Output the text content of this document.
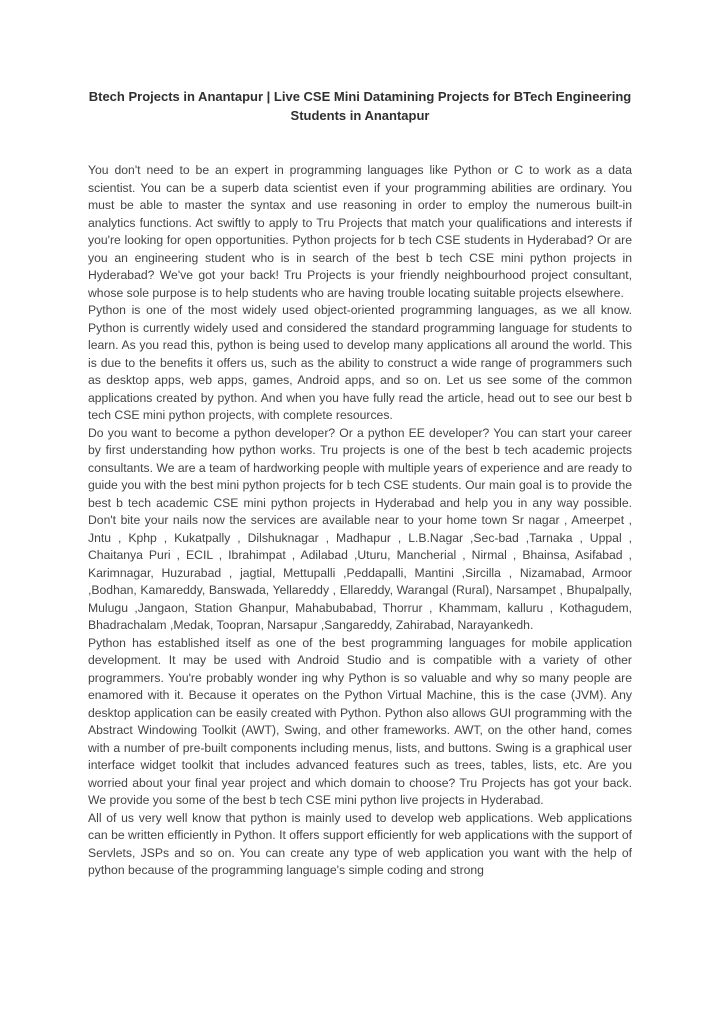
Btech Projects in Anantapur | Live CSE Mini Datamining Projects for BTech Engineering Students in Anantapur

You don't need to be an expert in programming languages like Python or C to work as a data scientist. You can be a superb data scientist even if your programming abilities are ordinary. You must be able to master the syntax and use reasoning in order to employ the numerous built-in analytics functions. Act swiftly to apply to Tru Projects that match your qualifications and interests if you're looking for open opportunities. Python projects for b tech CSE students in Hyderabad? Or are you an engineering student who is in search of the best b tech CSE mini python projects in Hyderabad? We've got your back! Tru Projects is your friendly neighbourhood project consultant, whose sole purpose is to help students who are having trouble locating suitable projects elsewhere.

Python is one of the most widely used object-oriented programming languages, as we all know. Python is currently widely used and considered the standard programming language for students to learn. As you read this, python is being used to develop many applications all around the world. This is due to the benefits it offers us, such as the ability to construct a wide range of programmers such as desktop apps, web apps, games, Android apps, and so on. Let us see some of the common applications created by python. And when you have fully read the article, head out to see our best b tech CSE mini python projects, with complete resources.

Do you want to become a python developer? Or a python EE developer? You can start your career by first understanding how python works. Tru projects is one of the best b tech academic projects consultants. We are a team of hardworking people with multiple years of experience and are ready to guide you with the best mini python projects for b tech CSE students. Our main goal is to provide the best b tech academic CSE mini python projects in Hyderabad and help you in any way possible. Don't bite your nails now the services are available near to your home town Sr nagar , Ameerpet , Jntu , Kphp , Kukatpally , Dilshuknagar , Madhapur , L.B.Nagar ,Sec-bad ,Tarnaka , Uppal , Chaitanya Puri , ECIL , Ibrahimpat , Adilabad ,Uturu, Mancherial , Nirmal , Bhainsa, Asifabad , Karimnagar, Huzurabad , jagtial, Mettupalli ,Peddapalli, Mantini ,Sircilla , Nizamabad, Armoor ,Bodhan, Kamareddy, Banswada, Yellareddy , Ellareddy, Warangal (Rural), Narsampet , Bhupalpally, Mulugu ,Jangaon, Station Ghanpur, Mahabubabad, Thorrur , Khammam, kalluru , Kothagudem, Bhadrachalam ,Medak, Toopran, Narsapur ,Sangareddy, Zahirabad, Narayankedh.

Python has established itself as one of the best programming languages for mobile application development. It may be used with Android Studio and is compatible with a variety of other programmers. You're probably wonder ing why Python is so valuable and why so many people are enamored with it. Because it operates on the Python Virtual Machine, this is the case (JVM). Any desktop application can be easily created with Python. Python also allows GUI programming with the Abstract Windowing Toolkit (AWT), Swing, and other frameworks. AWT, on the other hand, comes with a number of pre-built components including menus, lists, and buttons. Swing is a graphical user interface widget toolkit that includes advanced features such as trees, tables, lists, etc. Are you worried about your final year project and which domain to choose? Tru Projects has got your back. We provide you some of the best b tech CSE mini python live projects in Hyderabad.

All of us very well know that python is mainly used to develop web applications. Web applications can be written efficiently in Python. It offers support efficiently for web applications with the support of Servlets, JSPs and so on. You can create any type of web application you want with the help of python because of the programming language's simple coding and strong
